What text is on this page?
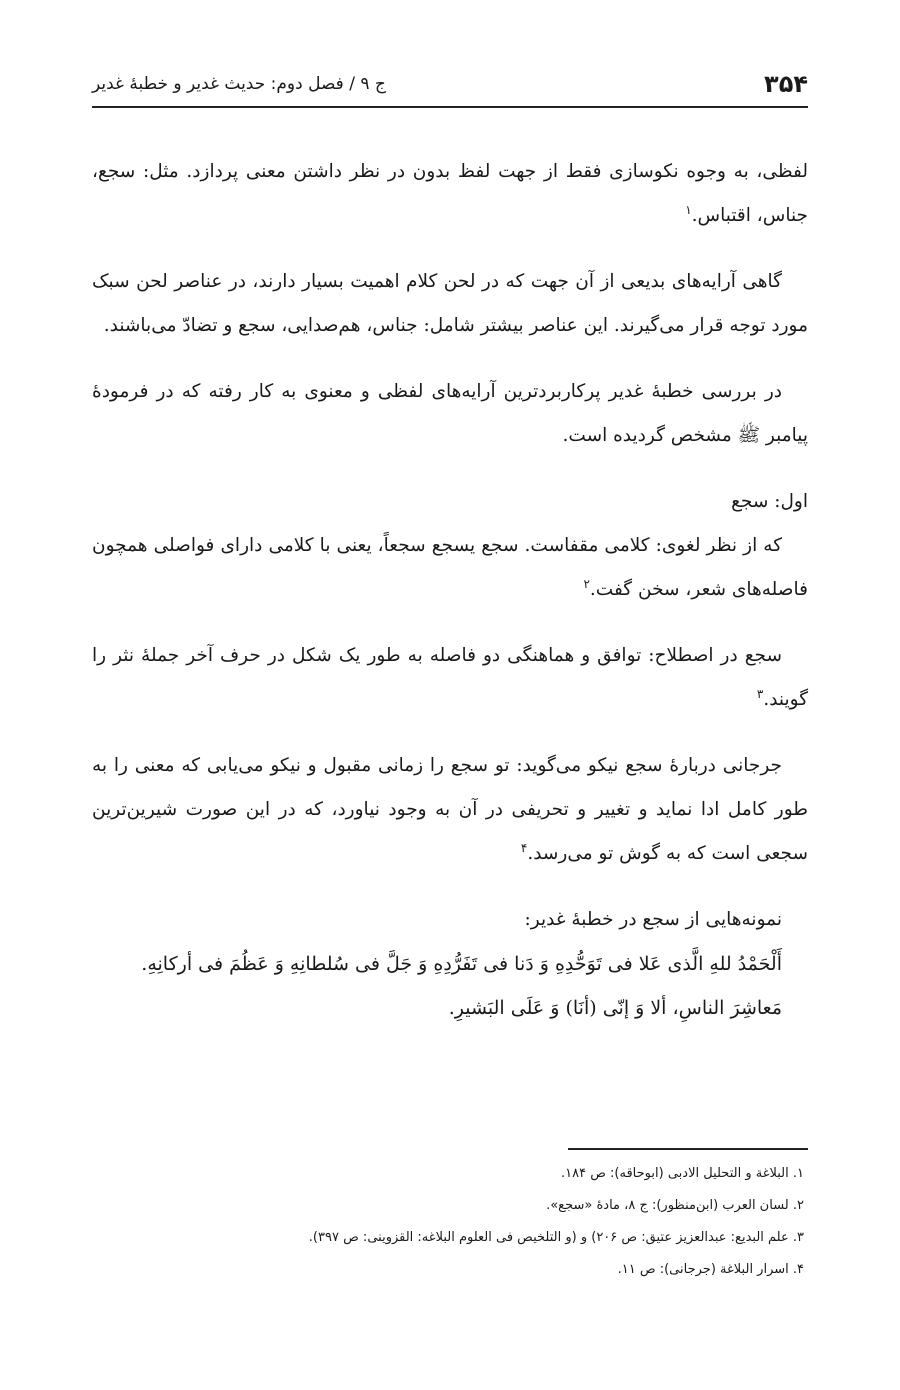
۳۵۴
ج ۹ / فصل دوم: حدیث غدیر و خطبهٔ غدیر

لفظی، به وجوه نکوسازی فقط از جهت لفظ بدون در نظر داشتن معنی پردازد. مثل: سجع، جناس، اقتباس.$^۱$

گاهی آرایه‌های بدیعی از آن جهت که در لحن کلام اهمیت بسیار دارند، در عناصر لحن سبک مورد توجه قرار می‌گیرند. این عناصر بیشتر شامل: جناس، هم‌صدایی، سجع و تضادّ می‌باشند.

در بررسی خطبهٔ غدیر پرکاربردترین آرایه‌های لفظی و معنوی به کار رفته که در فرمودهٔ پیامبر ﷺ مشخص گردیده است.

اول: سجع

که از نظر لغوی: کلامی مقفاست. سجع یسجع سجعاً، یعنی با کلامی دارای فواصلی همچون فاصله‌های شعر، سخن گفت.$^۲$

سجع در اصطلاح: توافق و هماهنگی دو فاصله به طور یک شکل در حرف آخر جملهٔ نثر را گویند.$^۳$

جرجانی دربارهٔ سجع نیکو می‌گوید: تو سجع را زمانی مقبول و نیکو می‌یابی که معنی را به طور کامل ادا نماید و تغییر و تحریفی در آن به وجود نیاورد، که در این صورت شیرین‌ترین سجعی است که به گوش تو می‌رسد.$^۴$

نمونه‌هایی از سجع در خطبهٔ غدیر:
أَلْحَمْدُ للهِ الَّذی عَلا فی تَوَحُّدِهِ وَ دَنا فی تَفَرُّدِهِ وَ جَلَّ فی سُلطانِهِ وَ عَظُمَ فی أرکانِهِ.
مَعاشِرَ الناسِ، ألا وَ إنّی (أنَا) وَ عَلَی البَشیرِ.
۱. البلاغة و التحلیل الادبی (ابوحاقه): ص ۱۸۴.
۲. لسان العرب (ابن‌منظور): ج ۸، مادهٔ «سجع».
۳. علم البدیع: عبدالعزیز عتیق: ص ۲۰۶) و (و التلخیص فی العلوم البلاغه: القزوینی: ص ۳۹۷).
۴. اسرار البلاغة (جرجانی): ص ۱۱.
